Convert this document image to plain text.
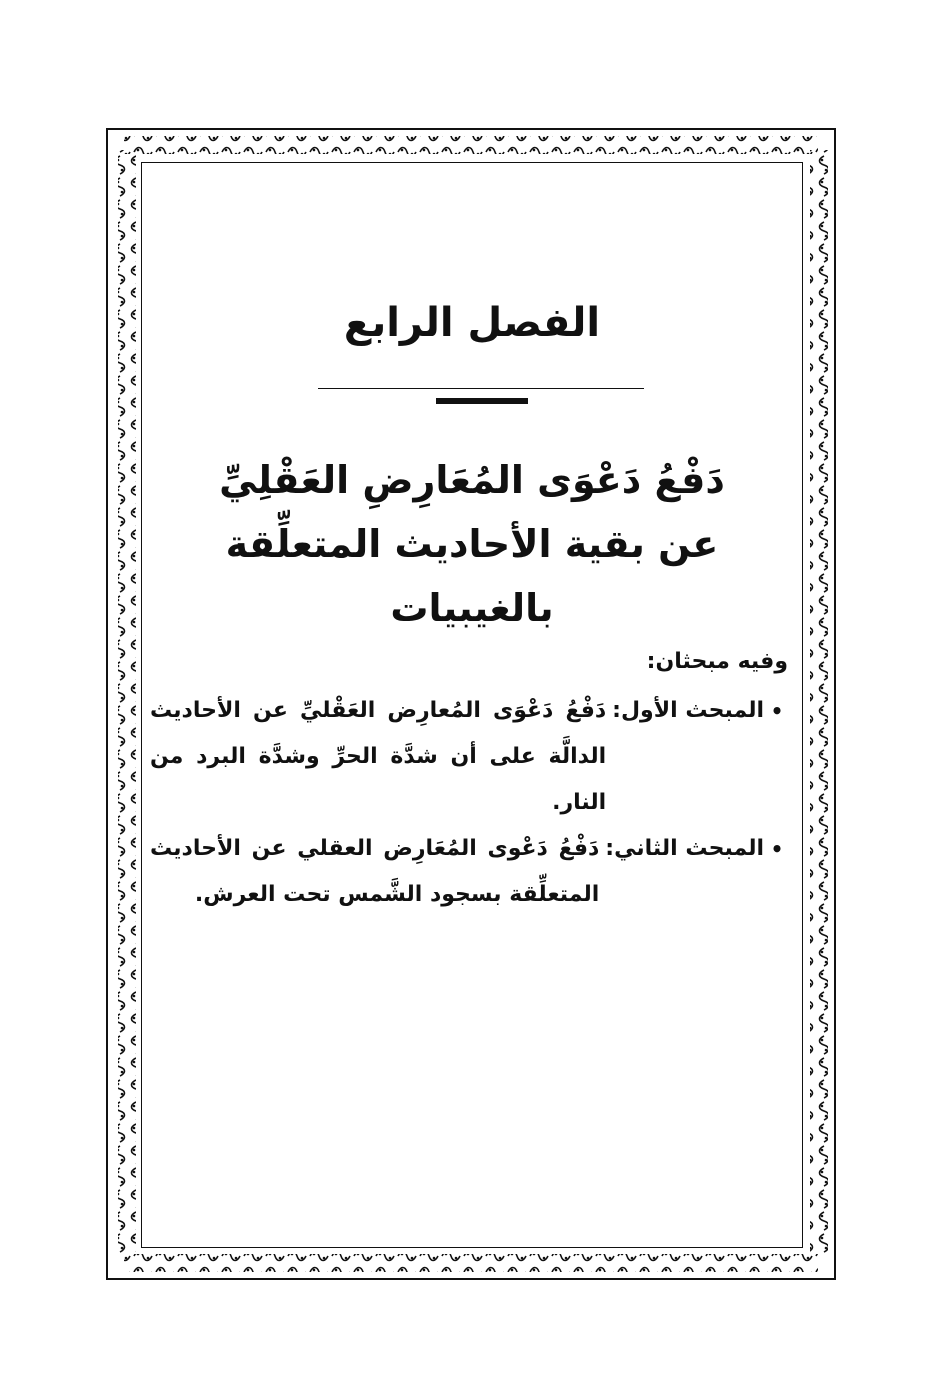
الفصل الرابع
دَفْعُ دَعْوَى المُعَارِضِ العَقْلِيِّ
عن بقية الأحاديث المتعلِّقة بالغيبيات

وفيه مبحثان:

•
المبحث الأول:
دَفْعُ دَعْوَى المُعارِض العَقْليِّ عن الأحاديث الدالَّة على أن شدَّة الحرِّ وشدَّة البرد من النار.
•
المبحث الثاني:
دَفْعُ دَعْوى المُعَارِض العقلي عن الأحاديث المتعلِّقة بسجود الشَّمس تحت العرش.
